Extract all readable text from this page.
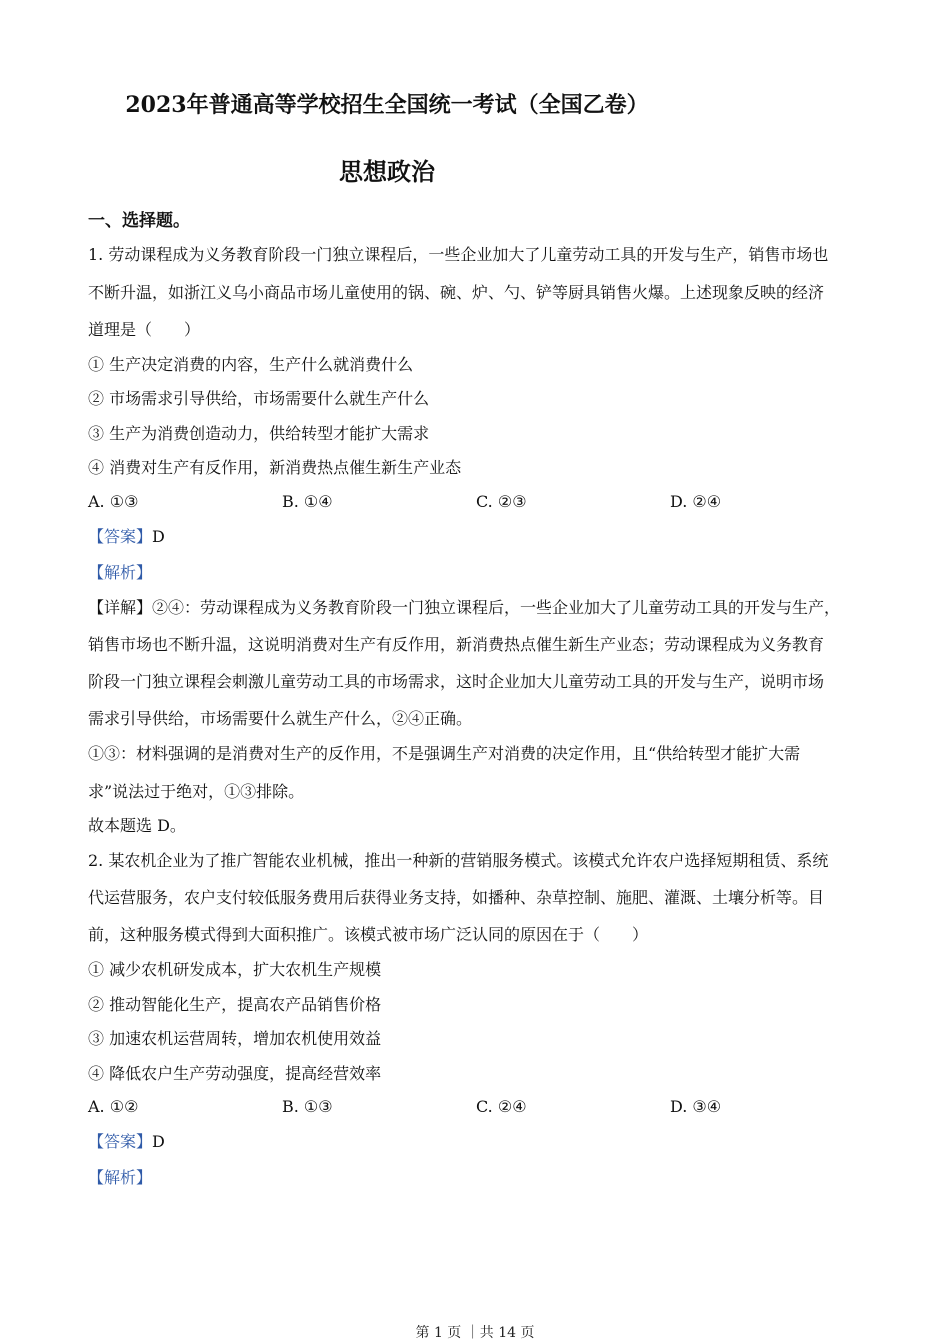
2023年普通高等学校招生全国统一考试（全国乙卷）
思想政治
一、选择题。
1. 劳动课程成为义务教育阶段一门独立课程后，一些企业加大了儿童劳动工具的开发与生产，销售市场也
不断升温，如浙江义乌小商品市场儿童使用的锅、碗、炉、勺、铲等厨具销售火爆。上述现象反映的经济
道理是（　　）
① 生产决定消费的内容，生产什么就消费什么
② 市场需求引导供给，市场需要什么就生产什么
③ 生产为消费创造动力，供给转型才能扩大需求
④ 消费对生产有反作用，新消费热点催生新生产业态
A. ①③	B. ①④	C. ②③	D. ②④
【答案】D
【解析】
【详解】②④：劳动课程成为义务教育阶段一门独立课程后，一些企业加大了儿童劳动工具的开发与生产，
销售市场也不断升温，这说明消费对生产有反作用，新消费热点催生新生产业态；劳动课程成为义务教育
阶段一门独立课程会刺激儿童劳动工具的市场需求，这时企业加大儿童劳动工具的开发与生产，说明市场
需求引导供给，市场需要什么就生产什么，②④正确。
①③：材料强调的是消费对生产的反作用，不是强调生产对消费的决定作用，且“供给转型才能扩大需
求”说法过于绝对，①③排除。
故本题选 D。
2. 某农机企业为了推广智能农业机械，推出一种新的营销服务模式。该模式允许农户选择短期租赁、系统
代运营服务，农户支付较低服务费用后获得业务支持，如播种、杂草控制、施肥、灌溉、土壤分析等。目
前，这种服务模式得到大面积推广。该模式被市场广泛认同的原因在于（　　）
① 减少农机研发成本，扩大农机生产规模
② 推动智能化生产，提高农产品销售价格
③ 加速农机运营周转，增加农机使用效益
④ 降低农户生产劳动强度，提高经营效率
A. ①②	B. ①③	C. ②④	D. ③④
【答案】D
【解析】
第 1 页 ｜共 14 页
